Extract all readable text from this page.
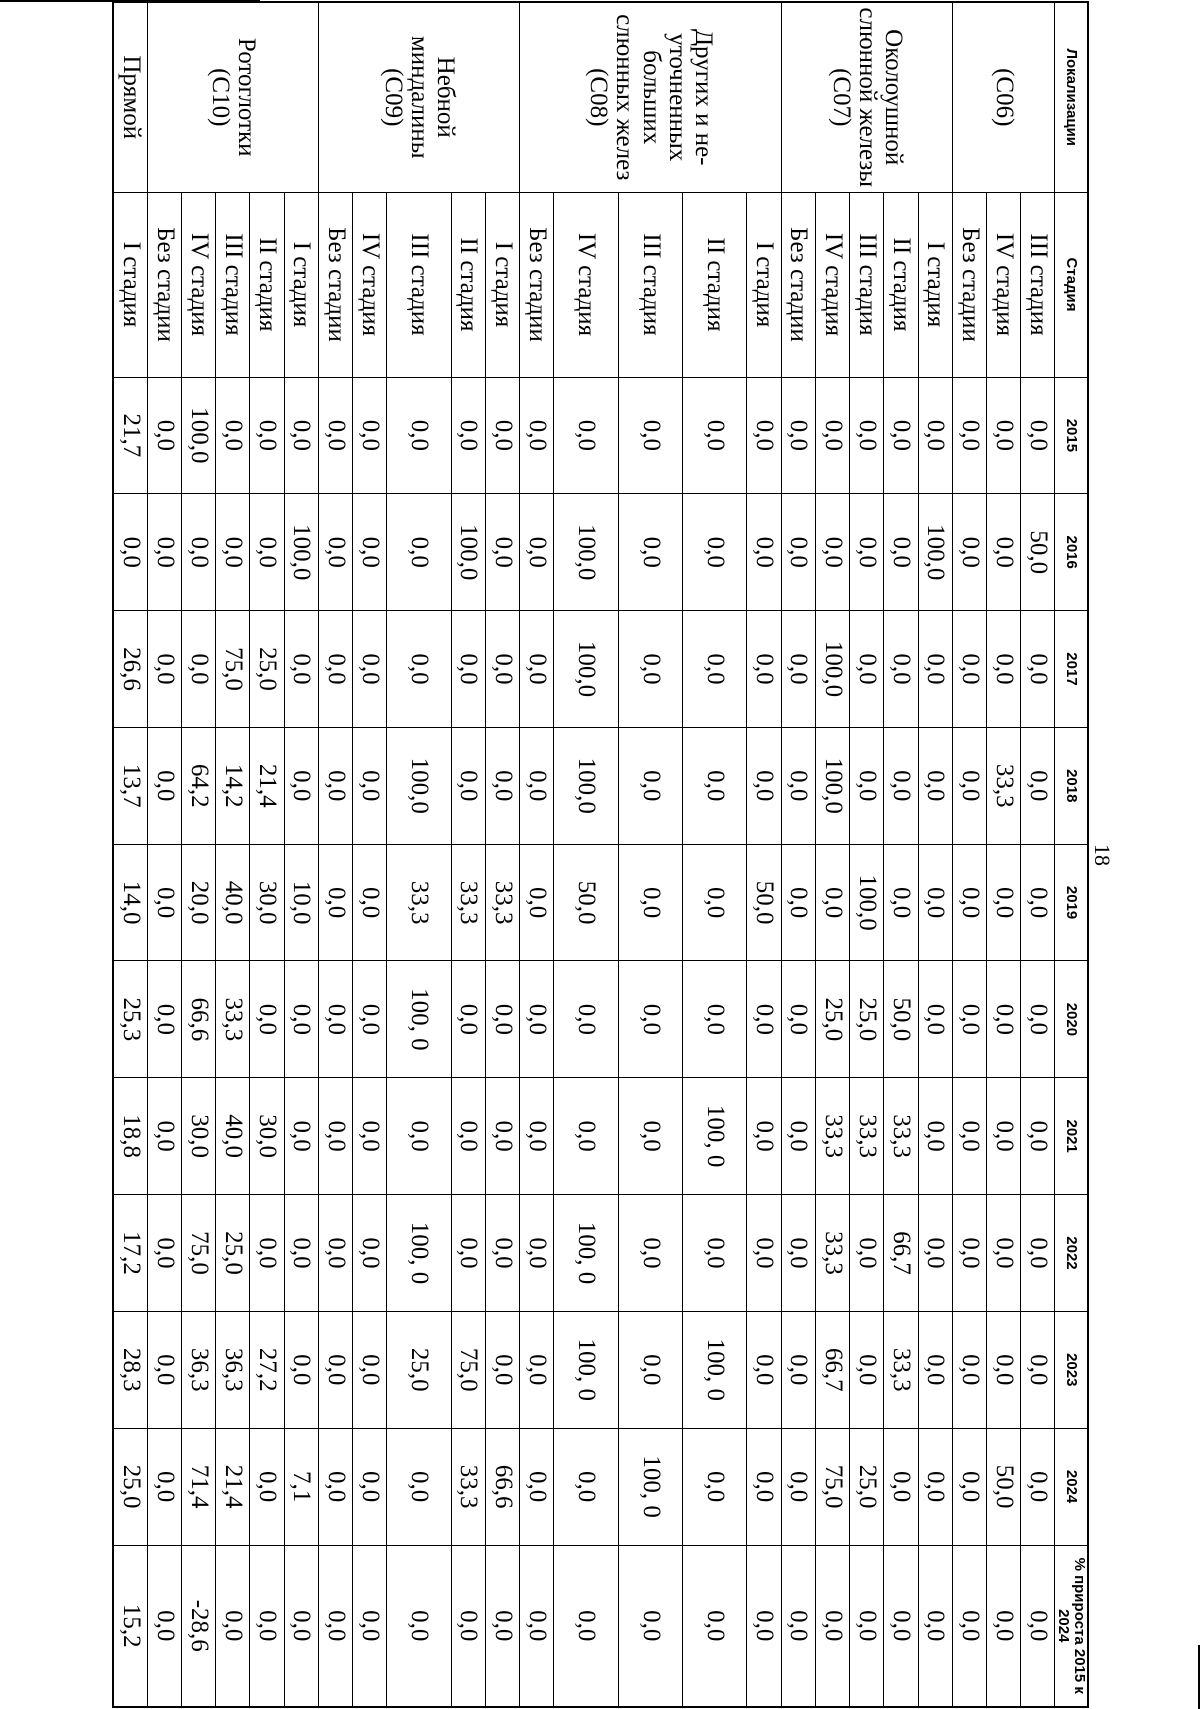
18
Локализации	Стадия	2015	2016	2017	2018	2019	2020	2021	2022	2023	2024	% прироста 2015 к 2024
(C06)	III стадия	0,0	50,0	0,0	0,0	0,0	0,0	0,0	0,0	0,0	0,0	0,0
	IV стадия	0,0	0,0	0,0	33,3	0,0	0,0	0,0	0,0	0,0	50,0	0,0
	Без стадии	0,0	0,0	0,0	0,0	0,0	0,0	0,0	0,0	0,0	0,0	0,0
Околоушной слюнной железы (C07)	I стадия	0,0	100,0	0,0	0,0	0,0	0,0	0,0	0,0	0,0	0,0	0,0
	II стадия	0,0	0,0	0,0	0,0	0,0	50,0	33,3	66,7	33,3	0,0	0,0
	III стадия	0,0	0,0	0,0	0,0	100,0	25,0	33,3	0,0	0,0	25,0	0,0
	IV стадия	0,0	0,0	100,0	100,0	0,0	25,0	33,3	33,3	66,7	75,0	0,0
	Без стадии	0,0	0,0	0,0	0,0	0,0	0,0	0,0	0,0	0,0	0,0	0,0
Других и не-уточненных больших слюнных желез (C08)	I стадия	0,0	0,0	0,0	0,0	50,0	0,0	0,0	0,0	0,0	0,0	0,0
	II стадия	0,0	0,0	0,0	0,0	0,0	0,0	100, 0	0,0	100, 0	0,0	0,0
	III стадия	0,0	0,0	0,0	0,0	0,0	0,0	0,0	0,0	0,0	100, 0	0,0
	IV стадия	0,0	100,0	100,0	100,0	50,0	0,0	0,0	100, 0	100, 0	0,0	0,0
	Без стадии	0,0	0,0	0,0	0,0	0,0	0,0	0,0	0,0	0,0	0,0	0,0
Небной миндалины (C09)	I стадия	0,0	0,0	0,0	0,0	33,3	0,0	0,0	0,0	0,0	66,6	0,0
	II стадия	0,0	100,0	0,0	0,0	33,3	0,0	0,0	0,0	75,0	33,3	0,0
	III стадия	0,0	0,0	0,0	100,0	33,3	100, 0	0,0	100, 0	25,0	0,0	0,0
	IV стадия	0,0	0,0	0,0	0,0	0,0	0,0	0,0	0,0	0,0	0,0	0,0
	Без стадии	0,0	0,0	0,0	0,0	0,0	0,0	0,0	0,0	0,0	0,0	0,0
Ротоглотки (C10)	I стадия	0,0	100,0	0,0	0,0	10,0	0,0	0,0	0,0	0,0	7,1	0,0
	II стадия	0,0	0,0	25,0	21,4	30,0	0,0	30,0	0,0	27,2	0,0	0,0
	III стадия	0,0	0,0	75,0	14,2	40,0	33,3	40,0	25,0	36,3	21,4	0,0
	IV стадия	100,0	0,0	0,0	64,2	20,0	66,6	30,0	75,0	36,3	71,4	-28,6
	Без стадии	0,0	0,0	0,0	0,0	0,0	0,0	0,0	0,0	0,0	0,0	0,0
Прямой	I стадия	21,7	0,0	26,6	13,7	14,0	25,3	18,8	17,2	28,3	25,0	15,2
